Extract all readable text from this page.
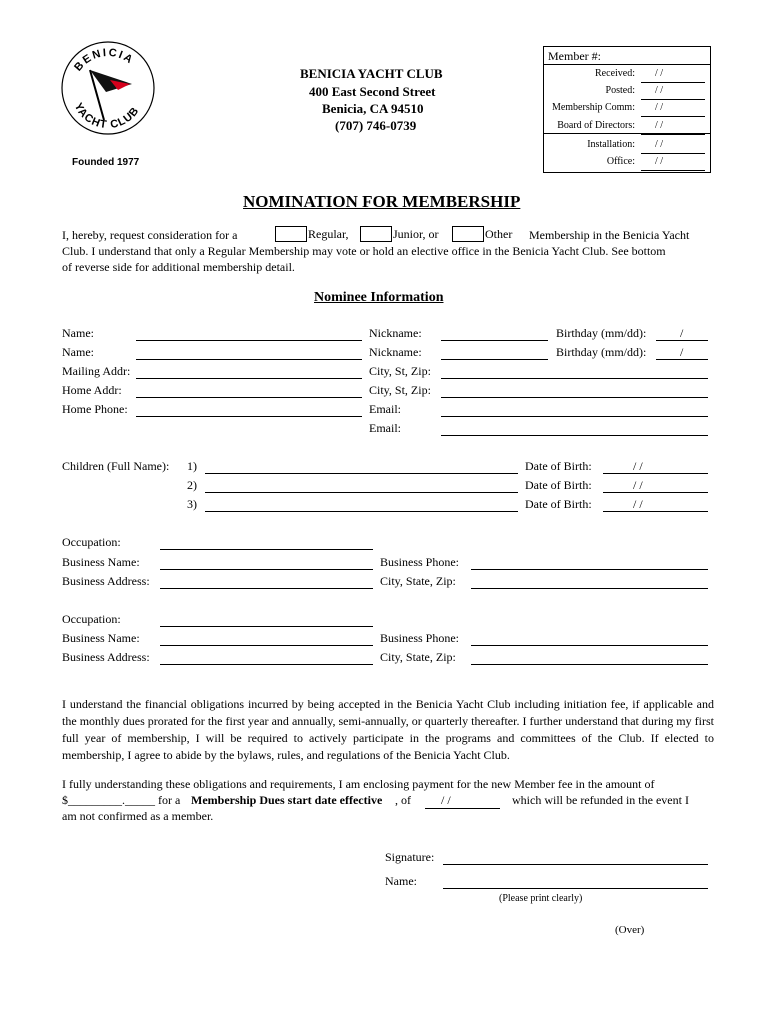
BENICIA
YACHT CLUB
Founded 1977
BENICIA YACHT CLUB
400 East Second Street
Benicia, CA 94510
(707) 746-0739
Member #:
Received: / /
Posted: / /
Membership Comm: / /
Board of Directors: / /
Installation: / /
Office: / /
NOMINATION FOR MEMBERSHIP
I, hereby, request consideration for a	Regular,	Junior, or	Other Membership in the Benicia Yacht
Club. I understand that only a Regular Membership may vote or hold an elective office in the Benicia Yacht Club. See bottom
of reverse side for additional membership detail.
Nominee Information
Name:	Nickname:	Birthday (mm/dd):	/
Name:	Nickname:	Birthday (mm/dd):	/
Mailing Addr:	City, St, Zip:
Home Addr:	City, St, Zip:
Home Phone:	Email:
Email:
Children (Full Name): 1)	Date of Birth:	/ /
2)	Date of Birth:	/ /
3)	Date of Birth:	/ /
Occupation:
Business Name:	Business Phone:
Business Address:	City, State, Zip:
Occupation:
Business Name:	Business Phone:
Business Address:	City, State, Zip:
I understand the financial obligations incurred by being accepted in the Benicia Yacht Club including initiation fee, if applicable and the monthly dues prorated for the first year and annually, semi-annually, or quarterly thereafter. I further understand that during my first full year of membership, I will be required to actively participate in the programs and committees of the Club. If elected to membership, I agree to abide by the bylaws, rules, and regulations of the Benicia Yacht Club.
I fully understanding these obligations and requirements, I am enclosing payment for the new Member fee in the amount of
$_________._____ for a Membership Dues start date effective , of	/ /	which will be refunded in the event I
am not confirmed as a member.
Signature:
Name:
(Please print clearly)
(Over)
